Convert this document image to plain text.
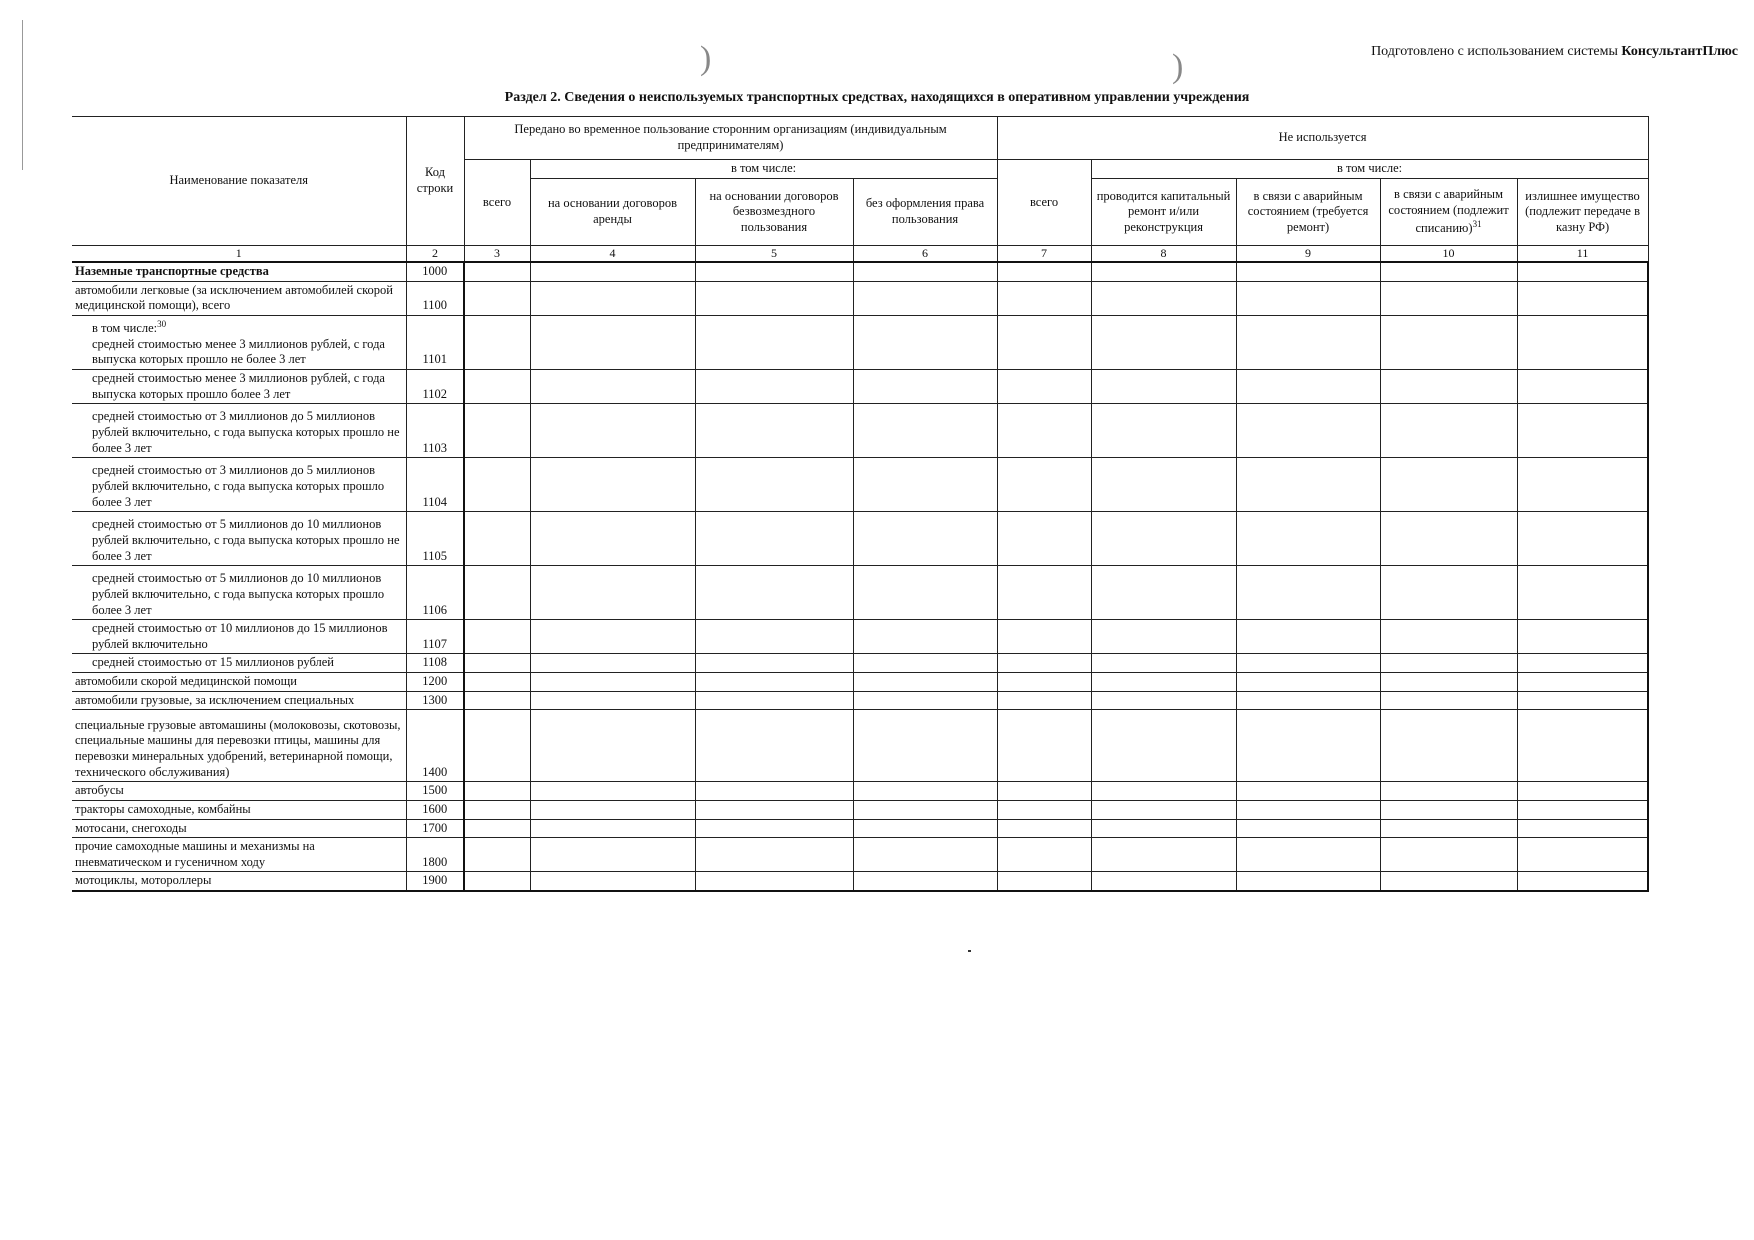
)	)	Подготовлено с использованием системы КонсультантПлюс
Раздел 2. Сведения о неиспользуемых транспортных средствах, находящихся в оперативном управлении учреждения
Наименование показателя	Код строки	Передано во временное пользование сторонним организациям (индивидуальным предпринимателям)				Не используется				
		всего	в том числе:			всего	в том числе:			
			на основании договоров аренды	на основании договоров безвозмездного пользования	без оформления права пользования		проводится капитальный ремонт и/или реконструкция	в связи с аварийным состоянием (требуется ремонт)	в связи с аварийным состоянием (подлежит списанию)$^{31}$	излишнее имущество (подлежит передаче в казну РФ)
1	2	3	4	5	6	7	8	9	10	11
Наземные транспортные средства	1000									
автомобили легковые (за исключением автомобилей скорой медицинской помощи), всего	1100									

в том числе:$^{30}$
средней стоимостью менее 3 миллионов рублей, с года выпуска которых прошло не более 3 лет	1101									
средней стоимостью менее 3 миллионов рублей, с года выпуска которых прошло более 3 лет	1102									
средней стоимостью от 3 миллионов до 5 миллионов рублей включительно, с года выпуска которых прошло не более 3 лет	1103									
средней стоимостью от 3 миллионов до 5 миллионов рублей включительно, с года выпуска которых прошло более 3 лет	1104									
средней стоимостью от 5 миллионов до 10 миллионов рублей включительно, с года выпуска которых прошло не более 3 лет	1105									
средней стоимостью от 5 миллионов до 10 миллионов рублей включительно, с года выпуска которых прошло более 3 лет	1106									
средней стоимостью от 10 миллионов до 15 миллионов рублей включительно	1107									
средней стоимостью от 15 миллионов рублей	1108									
автомобили скорой медицинской помощи	1200									
автомобили грузовые, за исключением специальных	1300									
специальные грузовые автомашины (молоковозы, скотовозы, специальные машины для перевозки птицы, машины для перевозки минеральных удобрений, ветеринарной помощи, технического обслуживания)	1400									
автобусы	1500									
тракторы самоходные, комбайны	1600									
мотосани, снегоходы	1700									
прочие самоходные машины и механизмы на пневматическом и гусеничном ходу	1800									
мотоциклы, мотороллеры	1900									
